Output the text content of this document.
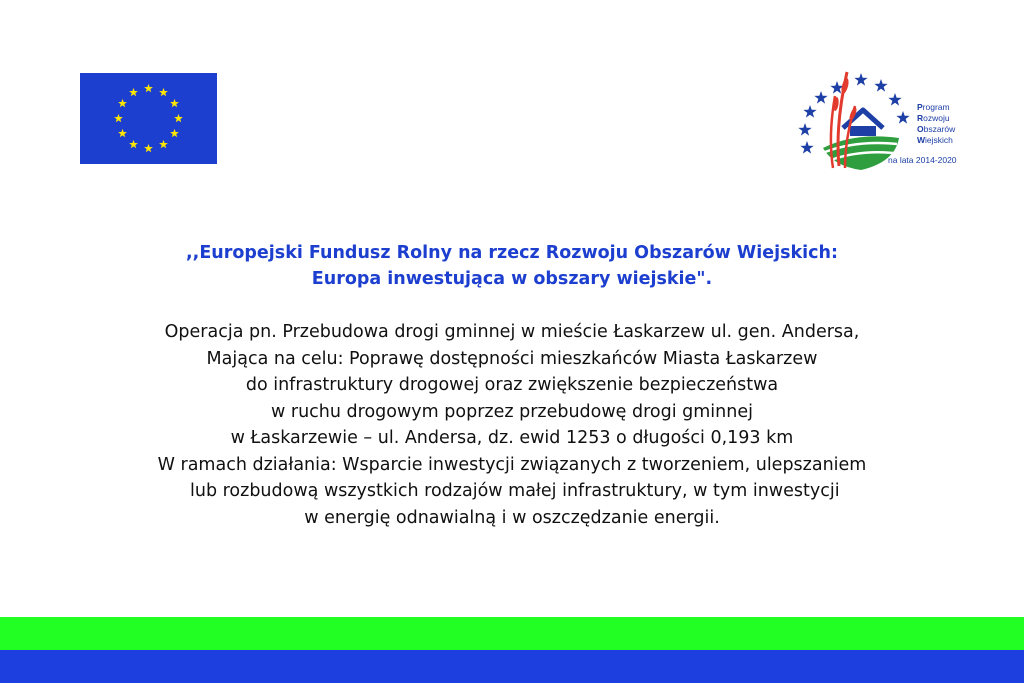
Program
Rozwoju
Obszarów
Wiejskich
na lata 2014-2020
,,Europejski Fundusz Rolny na rzecz Rozwoju Obszarów Wiejskich:
Europa inwestująca w obszary wiejskie".
Operacja pn. Przebudowa drogi gminnej w mieście Łaskarzew ul. gen. Andersa,
Mająca na celu: Poprawę dostępności mieszkańców Miasta Łaskarzew
do infrastruktury drogowej oraz zwiększenie bezpieczeństwa
w ruchu drogowym poprzez przebudowę drogi gminnej
w Łaskarzewie – ul. Andersa, dz. ewid 1253 o długości 0,193 km
W ramach działania: Wsparcie inwestycji związanych z tworzeniem, ulepszaniem
lub rozbudową wszystkich rodzajów małej infrastruktury, w tym inwestycji
w energię odnawialną i w oszczędzanie energii.
